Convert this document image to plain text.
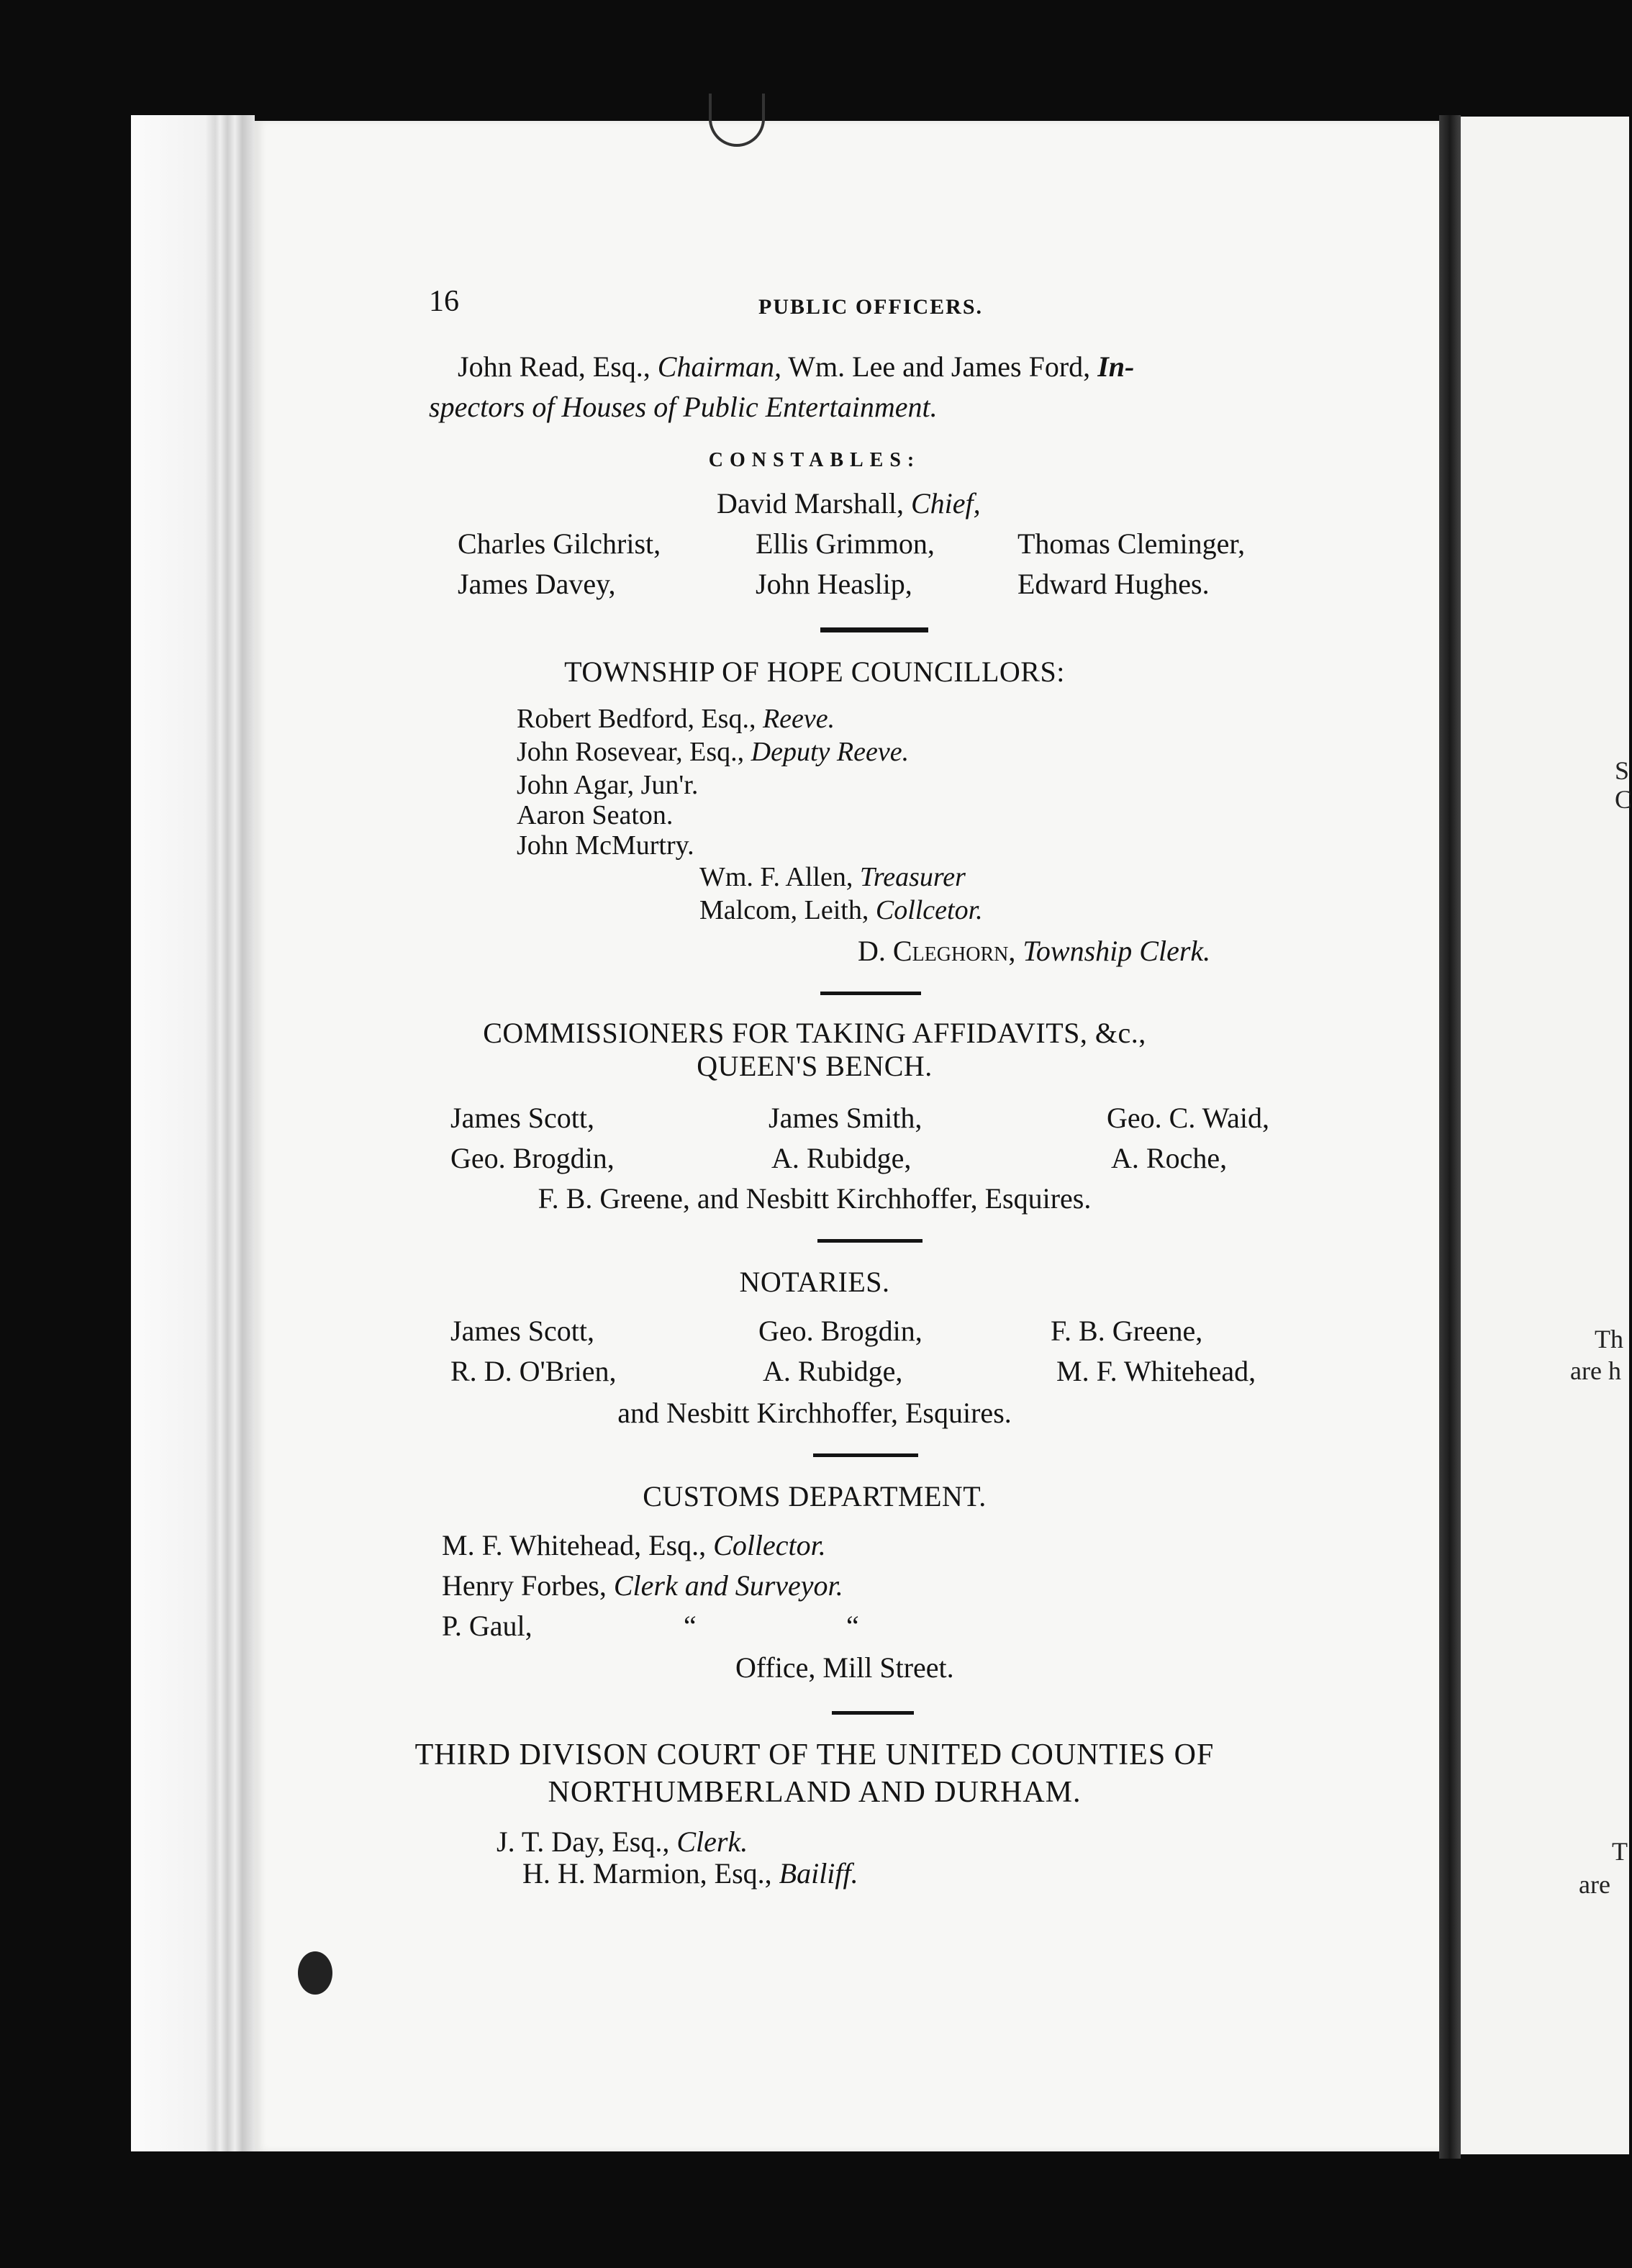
S
C
Th
are h
T
are
16	PUBLIC OFFICERS.
John Read, Esq., Chairman, Wm. Lee and James Ford, In-
spectors of Houses of Public Entertainment.
CONSTABLES:
David Marshall, Chief,
Charles Gilchrist,	Ellis Grimmon,	Thomas Cleminger,
James Davey,	John Heaslip,	Edward Hughes.
TOWNSHIP OF HOPE COUNCILLORS:
Robert Bedford, Esq., Reeve.
John Rosevear, Esq., Deputy Reeve.
John Agar, Jun'r.
Aaron Seaton.
John McMurtry.
Wm. F. Allen, Treasurer
Malcom, Leith, Collcetor.
D. Cleghorn, Township Clerk.
COMMISSIONERS FOR TAKING AFFIDAVITS, &c.,
QUEEN'S BENCH.
James Scott,	James Smith,	Geo. C. Waid,
Geo. Brogdin,	A. Rubidge,	A. Roche,
F. B. Greene, and Nesbitt Kirchhoffer, Esquires.
NOTARIES.
James Scott,	Geo. Brogdin,	F. B. Greene,
R. D. O'Brien,	A. Rubidge,	M. F. Whitehead,
and Nesbitt Kirchhoffer, Esquires.
CUSTOMS DEPARTMENT.
M. F. Whitehead, Esq., Collector.
Henry Forbes, Clerk and Surveyor.
P. Gaul,	“	“
Office, Mill Street.
THIRD DIVISON COURT OF THE UNITED COUNTIES OF
NORTHUMBERLAND AND DURHAM.
J. T. Day, Esq., Clerk.
H. H. Marmion, Esq., Bailiff.
